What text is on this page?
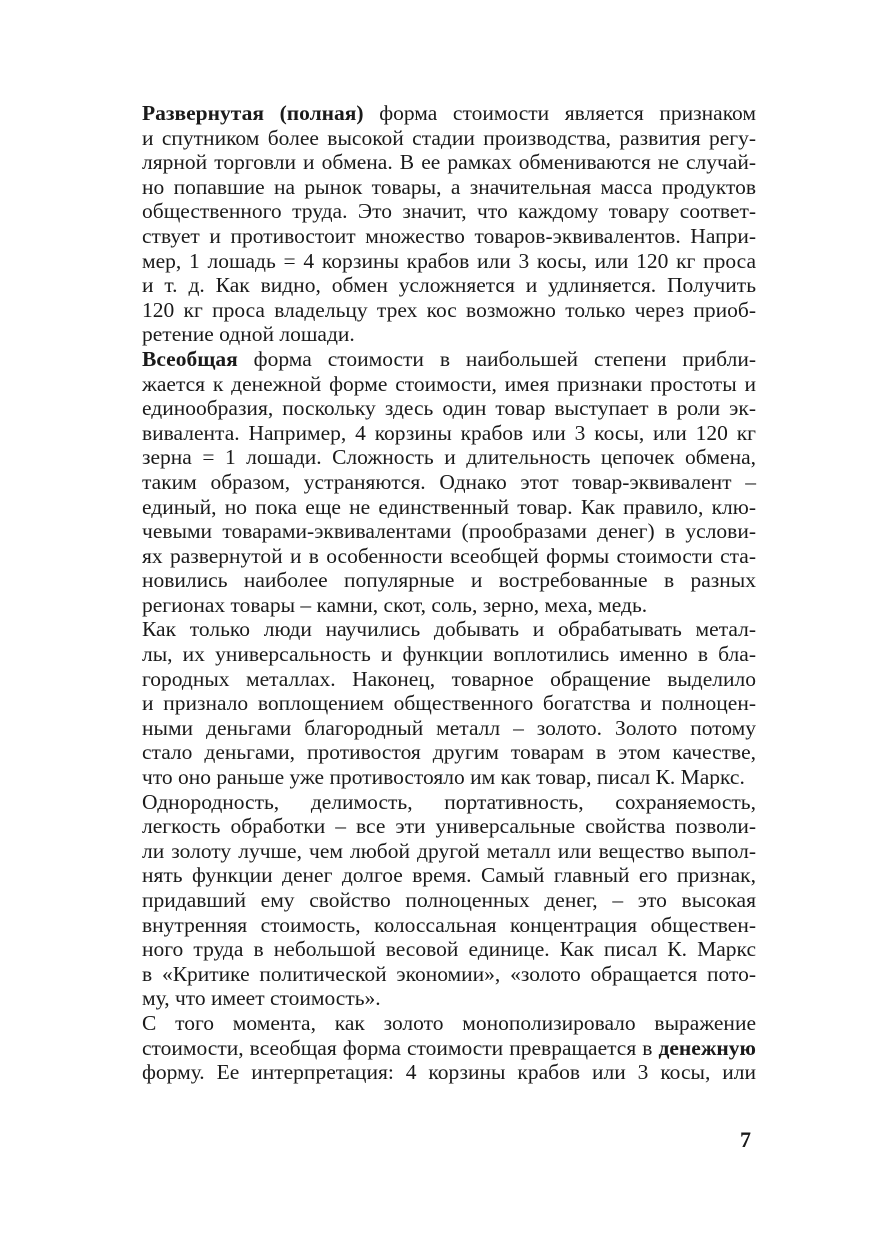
Развернутая (полная) форма стоимости является признаком
и спутником более высокой стадии производства, развития регу-
лярной торговли и обмена. В ее рамках обмениваются не случай-
но попавшие на рынок товары, а значительная масса продуктов
общественного труда. Это значит, что каждому товару соответ-
ствует и противостоит множество товаров-эквивалентов. Напри-
мер, 1 лошадь = 4 корзины крабов или 3 косы, или 120 кг проса
и т. д. Как видно, обмен усложняется и удлиняется. Получить
120 кг проса владельцу трех кос возможно только через приоб-
ретение одной лошади.
Всеобщая форма стоимости в наибольшей степени прибли-
жается к денежной форме стоимости, имея признаки простоты и
единообразия, поскольку здесь один товар выступает в роли эк-
вивалента. Например, 4 корзины крабов или 3 косы, или 120 кг
зерна = 1 лошади. Сложность и длительность цепочек обмена,
таким образом, устраняются. Однако этот товар-эквивалент –
единый, но пока еще не единственный товар. Как правило, клю-
чевыми товарами-эквивалентами (прообразами денег) в услови-
ях развернутой и в особенности всеобщей формы стоимости ста-
новились наиболее популярные и востребованные в разных
регионах товары – камни, скот, соль, зерно, меха, медь.
Как только люди научились добывать и обрабатывать метал-
лы, их универсальность и функции воплотились именно в бла-
городных металлах. Наконец, товарное обращение выделило
и признало воплощением общественного богатства и полноцен-
ными деньгами благородный металл – золото. Золото потому
стало деньгами, противостоя другим товарам в этом качестве,
что оно раньше уже противостояло им как товар, писал К. Маркс.
Однородность, делимость, портативность, сохраняемость,
легкость обработки – все эти универсальные свойства позволи-
ли золоту лучше, чем любой другой металл или вещество выпол-
нять функции денег долгое время. Самый главный его признак,
придавший ему свойство полноценных денег, – это высокая
внутренняя стоимость, колоссальная концентрация обществен-
ного труда в небольшой весовой единице. Как писал К. Маркс
в «Критике политической экономии», «золото обращается пото-
му, что имеет стоимость».
С того момента, как золото монополизировало выражение
стоимости, всеобщая форма стоимости превращается в денежную
форму. Ее интерпретация: 4 корзины крабов или 3 косы, или
7
